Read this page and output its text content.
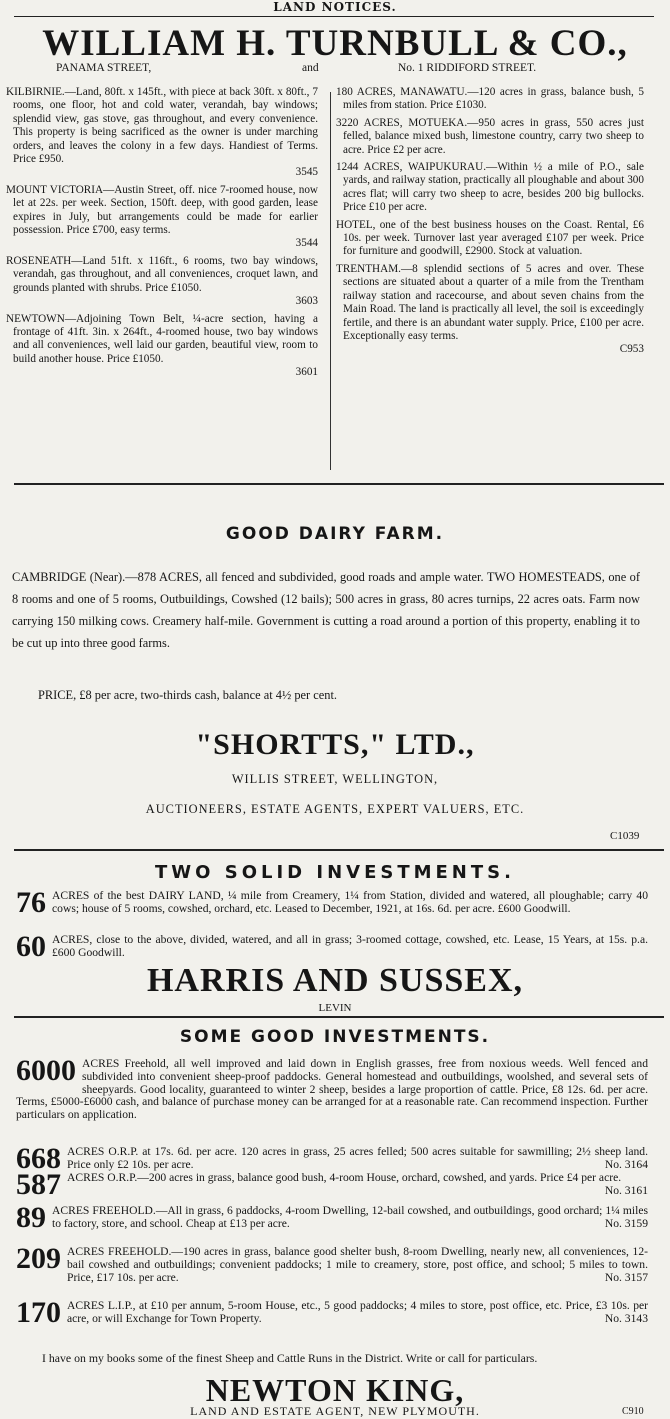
LAND NOTICES.
WILLIAM H. TURNBULL & CO.,
PANAMA STREET,	and	No. 1 RIDDIFORD STREET.

KILBIRNIE.—Land, 80ft. x 145ft., with piece at back 30ft. x 80ft., 7 rooms, one floor, hot and cold water, verandah, bay windows; splendid view, gas stove, gas throughout, and every convenience. This property is being sacrificed as the owner is under marching orders, and leaves the colony in a few days. Handiest of Terms. Price £950.
3545

MOUNT VICTORIA—Austin Street, off. nice 7-roomed house, now let at 22s. per week. Section, 150ft. deep, with good garden, lease expires in July, but arrangements could be made for earlier possession. Price £700, easy terms.
3544

ROSENEATH—Land 51ft. x 116ft., 6 rooms, two bay windows, verandah, gas throughout, and all conveniences, croquet lawn, and grounds planted with shrubs. Price £1050.
3603

NEWTOWN—Adjoining Town Belt, ¼-acre section, having a frontage of 41ft. 3in. x 264ft., 4-roomed house, two bay windows and all conveniences, well laid our garden, beautiful view, room to build another house. Price £1050.
3601

180 ACRES, MANAWATU.—120 acres in grass, balance bush, 5 miles from station. Price £1030.

3220 ACRES, MOTUEKA.—950 acres in grass, 550 acres just felled, balance mixed bush, limestone country, carry two sheep to acre. Price £2 per acre.

1244 ACRES, WAIPUKURAU.—Within ½ a mile of P.O., sale yards, and railway station, practically all ploughable and about 300 acres flat; will carry two sheep to acre, besides 200 big bullocks. Price £10 per acre.

HOTEL, one of the best business houses on the Coast. Rental, £6 10s. per week. Turnover last year averaged £107 per week. Price for furniture and goodwill, £2900. Stock at valuation.

TRENTHAM.—8 splendid sections of 5 acres and over. These sections are situated about a quarter of a mile from the Trentham railway station and racecourse, and about seven chains from the Main Road. The land is practically all level, the soil is exceedingly fertile, and there is an abundant water supply. Price, £100 per acre. Exceptionally easy terms.
C953

GOOD DAIRY FARM.
CAMBRIDGE (Near).—878 ACRES, all fenced and subdivided, good roads and ample water. TWO HOMESTEADS, one of 8 rooms and one of 5 rooms, Outbuildings, Cowshed (12 bails); 500 acres in grass, 80 acres turnips, 22 acres oats. Farm now carrying 150 milking cows. Creamery half-mile. Government is cutting a road around a portion of this property, enabling it to be cut up into three good farms.
PRICE, £8 per acre, two-thirds cash, balance at 4½ per cent.
"SHORTTS," LTD.,
WILLIS STREET, WELLINGTON,
AUCTIONEERS, ESTATE AGENTS, EXPERT VALUERS, ETC.
C1039
TWO SOLID INVESTMENTS.
76 ACRES of the best DAIRY LAND, ¼ mile from Creamery, 1¼ from Station, divided and watered, all ploughable; carry 40 cows; house of 5 rooms, cowshed, orchard, etc. Leased to December, 1921, at 16s. 6d. per acre. £600 Goodwill.
60 ACRES, close to the above, divided, watered, and all in grass; 3-roomed cottage, cowshed, etc. Lease, 15 Years, at 15s. p.a. £600 Goodwill.
HARRIS AND SUSSEX,
LEVIN
SOME GOOD INVESTMENTS.
6000 ACRES Freehold, all well improved and laid down in English grasses, free from noxious weeds. Well fenced and subdivided into convenient sheep-proof paddocks. General homestead and outbuildings, woolshed, and several sets of sheepyards. Good locality, guaranteed to winter 2 sheep, besides a large proportion of cattle. Price, £8 12s. 6d. per acre. Terms, £5000-£6000 cash, and balance of purchase money can be arranged for at a reasonable rate. Can recommend inspection. Further particulars on application.
668 ACRES O.R.P. at 17s. 6d. per acre. 120 acres in grass, 25 acres felled; 500 acres suitable for sawmilling; 2½ sheep land. Price only £2 10s. per acre.	No. 3164
587 ACRES O.R.P.—200 acres in grass, balance good bush, 4-room House, orchard, cowshed, and yards. Price £4 per acre.
No. 3161
89 ACRES FREEHOLD.—All in grass, 6 paddocks, 4-room Dwelling, 12-bail cowshed, and outbuildings, good orchard; 1¼ miles to factory, store, and school. Cheap at £13 per acre.	No. 3159
209 ACRES FREEHOLD.—190 acres in grass, balance good shelter bush, 8-room Dwelling, nearly new, all conveniences, 12-bail cowshed and outbuildings; convenient paddocks; 1 mile to creamery, store, post office, and school; 5 miles to town. Price, £17 10s. per acre.	No. 3157
170 ACRES L.I.P., at £10 per annum, 5-room House, etc., 5 good paddocks; 4 miles to store, post office, etc. Price, £3 10s. per acre, or will Exchange for Town Property.	No. 3143
I have on my books some of the finest Sheep and Cattle Runs in the District. Write or call for particulars.
NEWTON KING,
LAND AND ESTATE AGENT, NEW PLYMOUTH.	C910
